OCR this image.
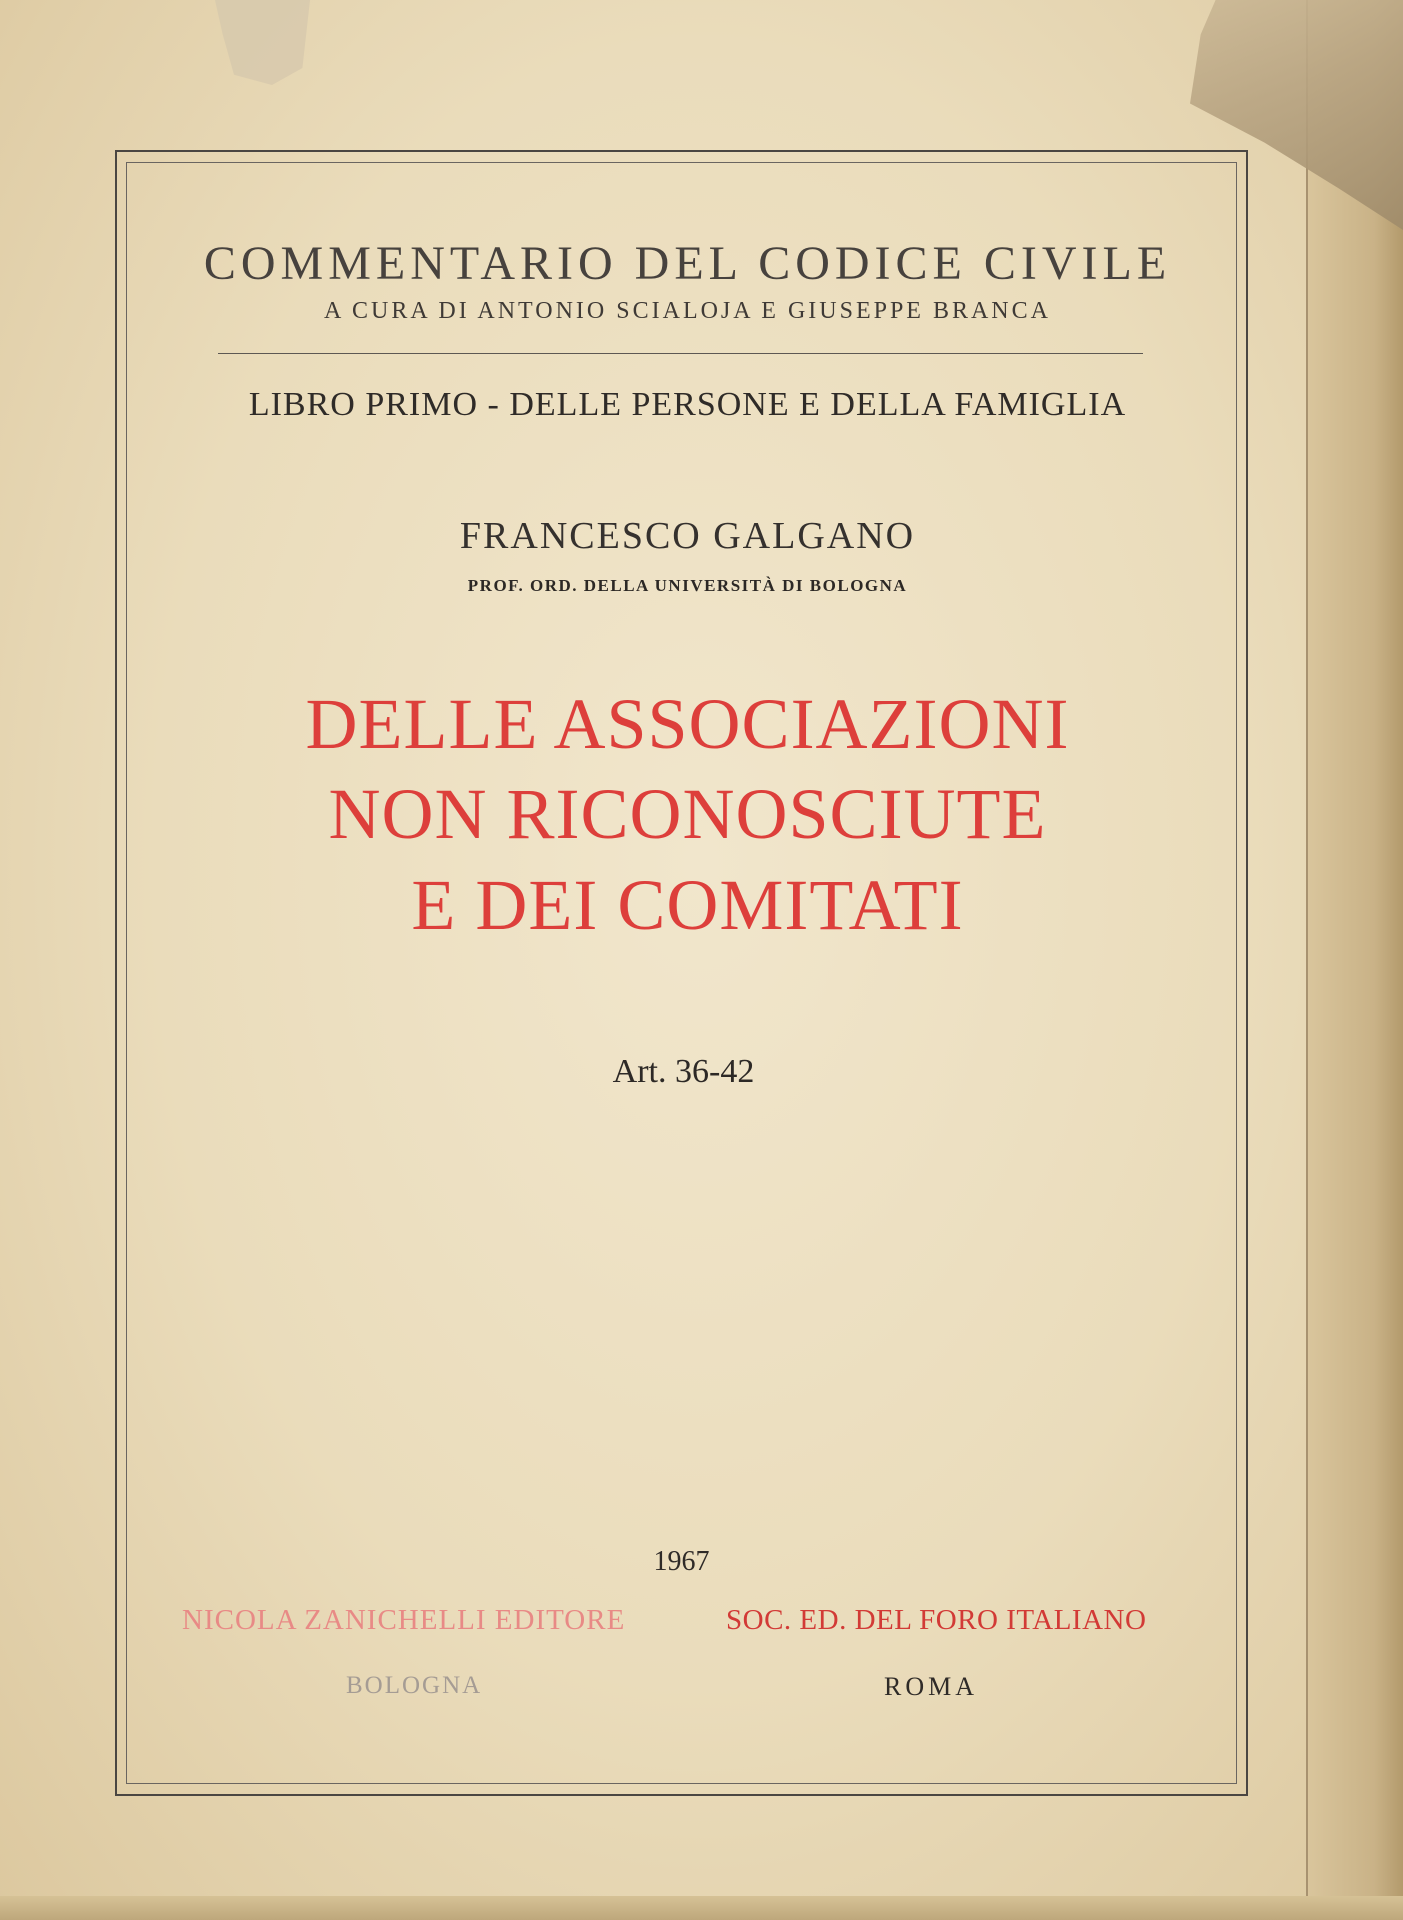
COMMENTARIO DEL CODICE CIVILE
A CURA DI ANTONIO SCIALOJA E GIUSEPPE BRANCA
LIBRO PRIMO - DELLE PERSONE E DELLA FAMIGLIA
FRANCESCO GALGANO
PROF. ORD. DELLA UNIVERSITÀ DI BOLOGNA
DELLE ASSOCIAZIONI
NON RICONOSCIUTE
E DEI COMITATI
Art. 36-42
1967
NICOLA ZANICHELLI EDITORE	SOC. ED. DEL FORO ITALIANO
BOLOGNA	ROMA
